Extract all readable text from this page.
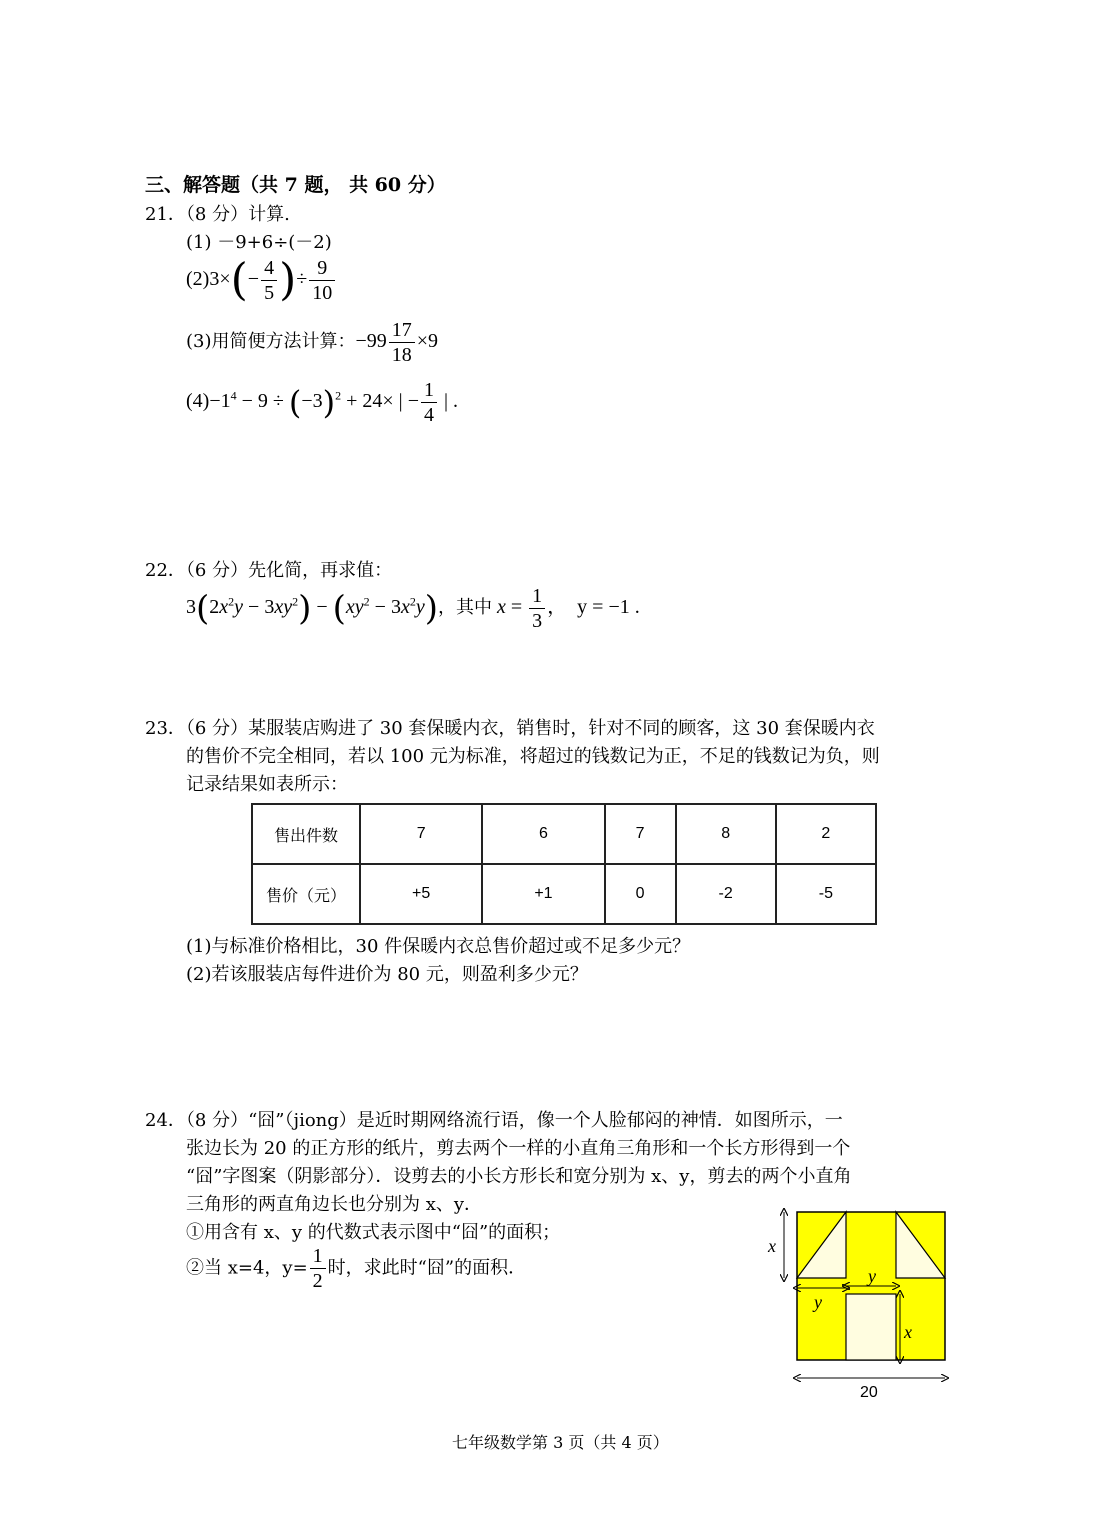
三、解答题（共 7 题， 共 60 分）
21．（8 分）计算.
(1) －9+6÷(－2)
$(2)3\times(- \frac{4}{5}$ )÷ $\frac{9}{10}$
(3)用简便方法计算：$-99 \frac{17}{18} \times 9$
$(4)-1^4 - 9 \div (-3)^2 + 24\times$ | − $\frac{1}{4}$ | .
22．（6 分）先化简，再求值：
$3(2x^2y - 3xy^2) - (xy^2 - 3x^2y)$，其中 $x = \frac{1}{3}$ ，  y = −1 .
23．（6 分）某服装店购进了 30 套保暖内衣，销售时，针对不同的顾客，这 30 套保暖内衣
的售价不完全相同，若以 100 元为标准，将超过的钱数记为正，不足的钱数记为负，则
记录结果如表所示：
售出件数	7	6	7	8	2
售价（元）	+5	+1	0	-2	-5
(1)与标准价格相比，30 件保暖内衣总售价超过或不足多少元？
(2)若该服装店每件进价为 80 元，则盈利多少元？
24．（8 分）“囧”（jiong）是近时期网络流行语，像一个人脸郁闷的神情．如图所示，一
张边长为 20 的正方形的纸片，剪去两个一样的小直角三角形和一个长方形得到一个
“囧”字图案（阴影部分）．设剪去的小长方形长和宽分别为 x、y，剪去的两个小直角
三角形的两直角边长也分别为 x、y．
①用含有 x、y 的代数式表示图中“囧”的面积；
②当 x=4，$y= \frac{1}{2}$ 时，求此时“囧”的面积．
x
y
y
x
20
七年级数学第 3 页（共 4 页）
